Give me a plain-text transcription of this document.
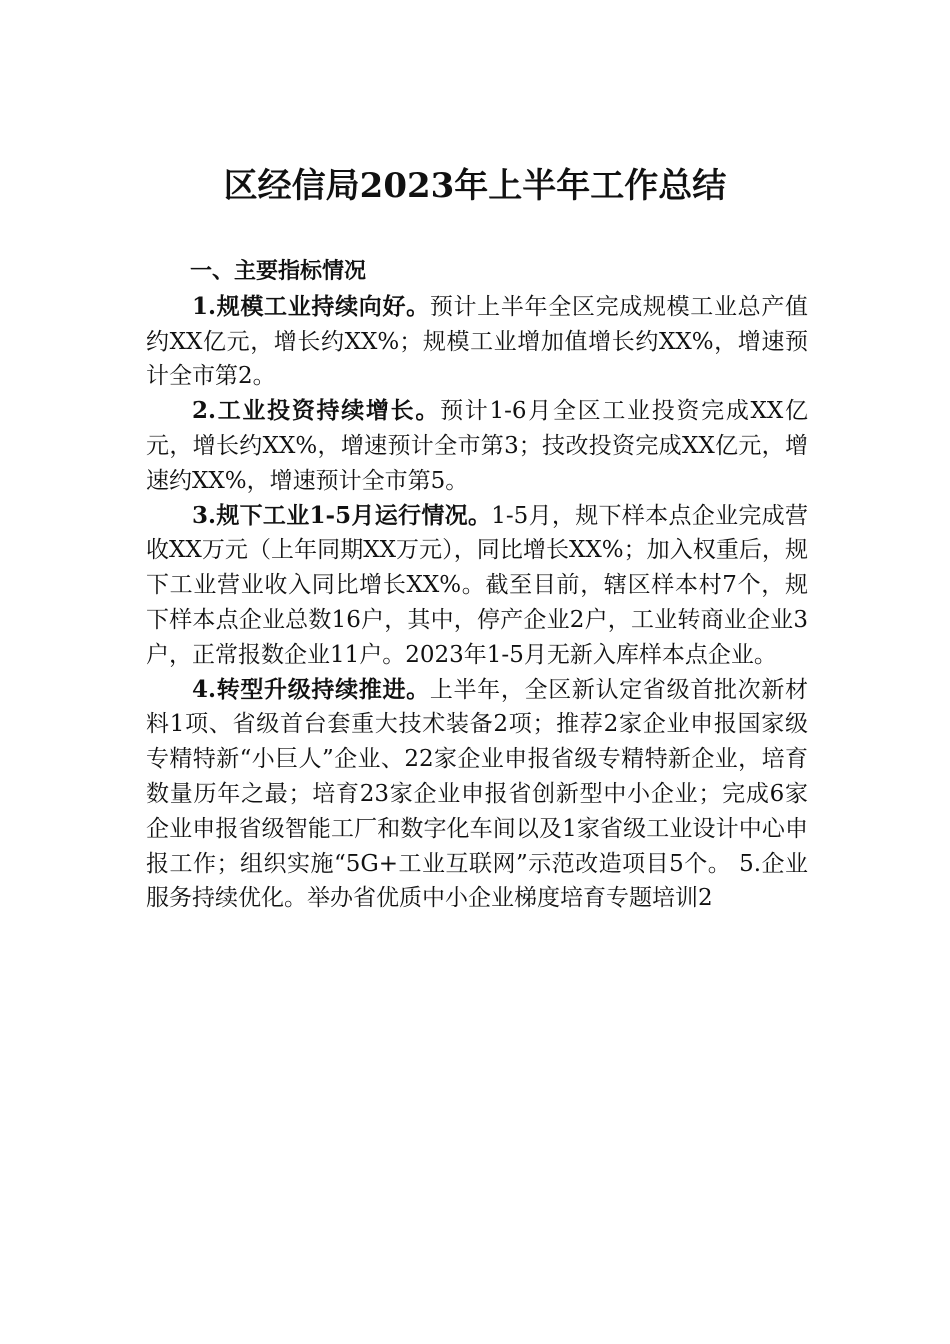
区经信局2023年上半年工作总结

一、主要指标情况

1.规模工业持续向好。预计上半年全区完成规模工业总产值约XX亿元，增长约XX%；规模工业增加值增长约XX%，增速预计全市第2。

2.工业投资持续增长。预计1-6月全区工业投资完成XX亿元，增长约XX%，增速预计全市第3；技改投资完成XX亿元，增速约XX%，增速预计全市第5。

3.规下工业1-5月运行情况。1-5月，规下样本点企业完成营收XX万元（上年同期XX万元），同比增长XX%；加入权重后，规下工业营业收入同比增长XX%。截至目前，辖区样本村7个，规下样本点企业总数16户，其中，停产企业2户，工业转商业企业3户，正常报数企业11户。2023年1-5月无新入库样本点企业。

4.转型升级持续推进。上半年，全区新认定省级首批次新材料1项、省级首台套重大技术装备2项；推荐2家企业申报国家级专精特新“小巨人”企业、22家企业申报省级专精特新企业，培育数量历年之最；培育23家企业申报省创新型中小企业；完成6家企业申报省级智能工厂和数字化车间以及1家省级工业设计中心申报工作；组织实施“5G+工业互联网”示范改造项目5个。 5.企业服务持续优化。举办省优质中小企业梯度培育专题培训2
